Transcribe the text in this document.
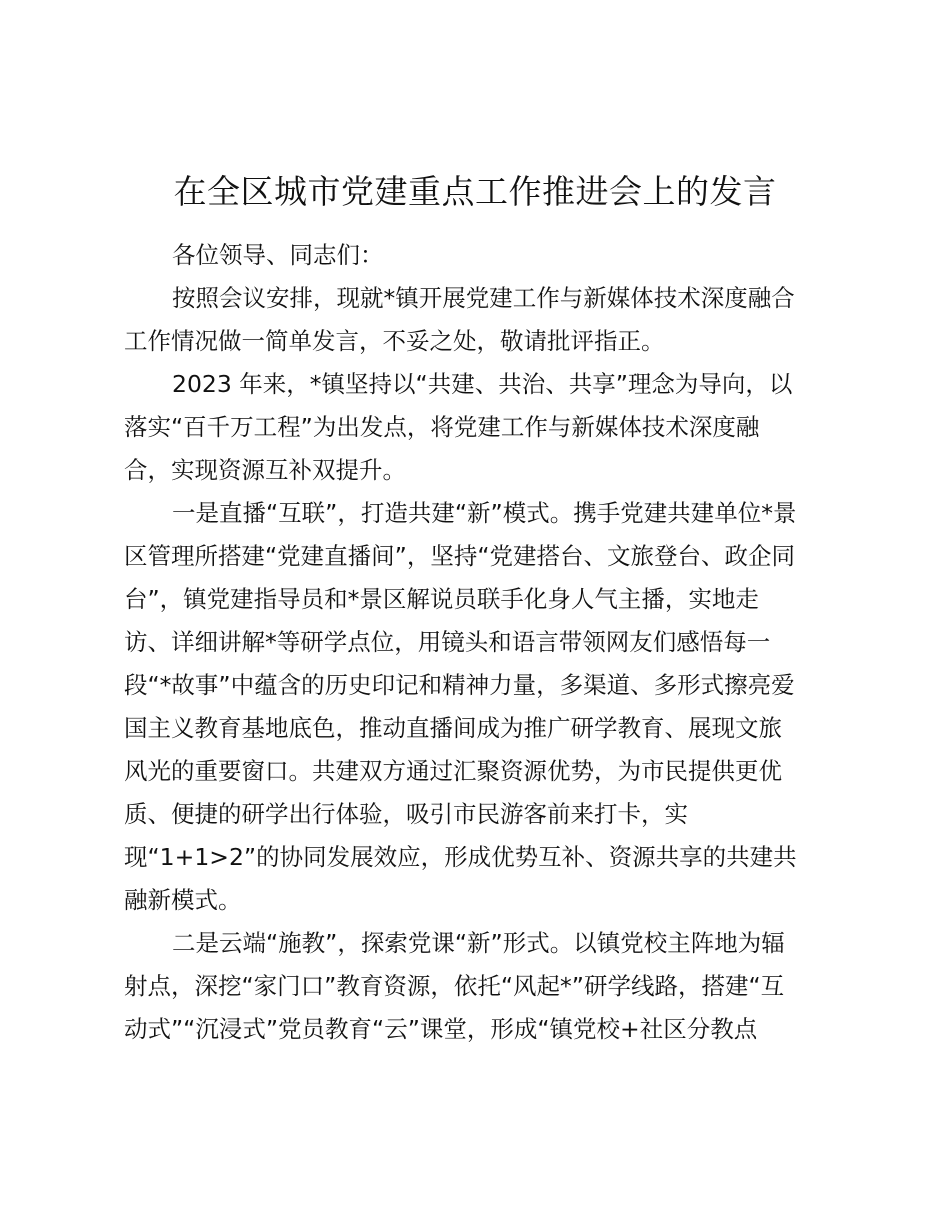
在全区城市党建重点工作推进会上的发言

各位领导、同志们：

按照会议安排，现就*镇开展党建工作与新媒体技术深度融合

工作情况做一简单发言，不妥之处，敬请批评指正。

2023 年来，*镇坚持以“共建、共治、共享”理念为导向，以

落实“百千万工程”为出发点，将党建工作与新媒体技术深度融

合，实现资源互补双提升。

一是直播“互联”，打造共建“新”模式。携手党建共建单位*景

区管理所搭建“党建直播间”，坚持“党建搭台、文旅登台、政企同

台”，镇党建指导员和*景区解说员联手化身人气主播，实地走

访、详细讲解*等研学点位，用镜头和语言带领网友们感悟每一

段“*故事”中蕴含的历史印记和精神力量，多渠道、多形式擦亮爱

国主义教育基地底色，推动直播间成为推广研学教育、展现文旅

风光的重要窗口。共建双方通过汇聚资源优势，为市民提供更优

质、便捷的研学出行体验，吸引市民游客前来打卡，实

现“1+1>2”的协同发展效应，形成优势互补、资源共享的共建共

融新模式。

二是云端“施教”，探索党课“新”形式。以镇党校主阵地为辐

射点，深挖“家门口”教育资源，依托“风起*”研学线路，搭建“互

动式”“沉浸式”党员教育“云”课堂，形成“镇党校+社区分教点
